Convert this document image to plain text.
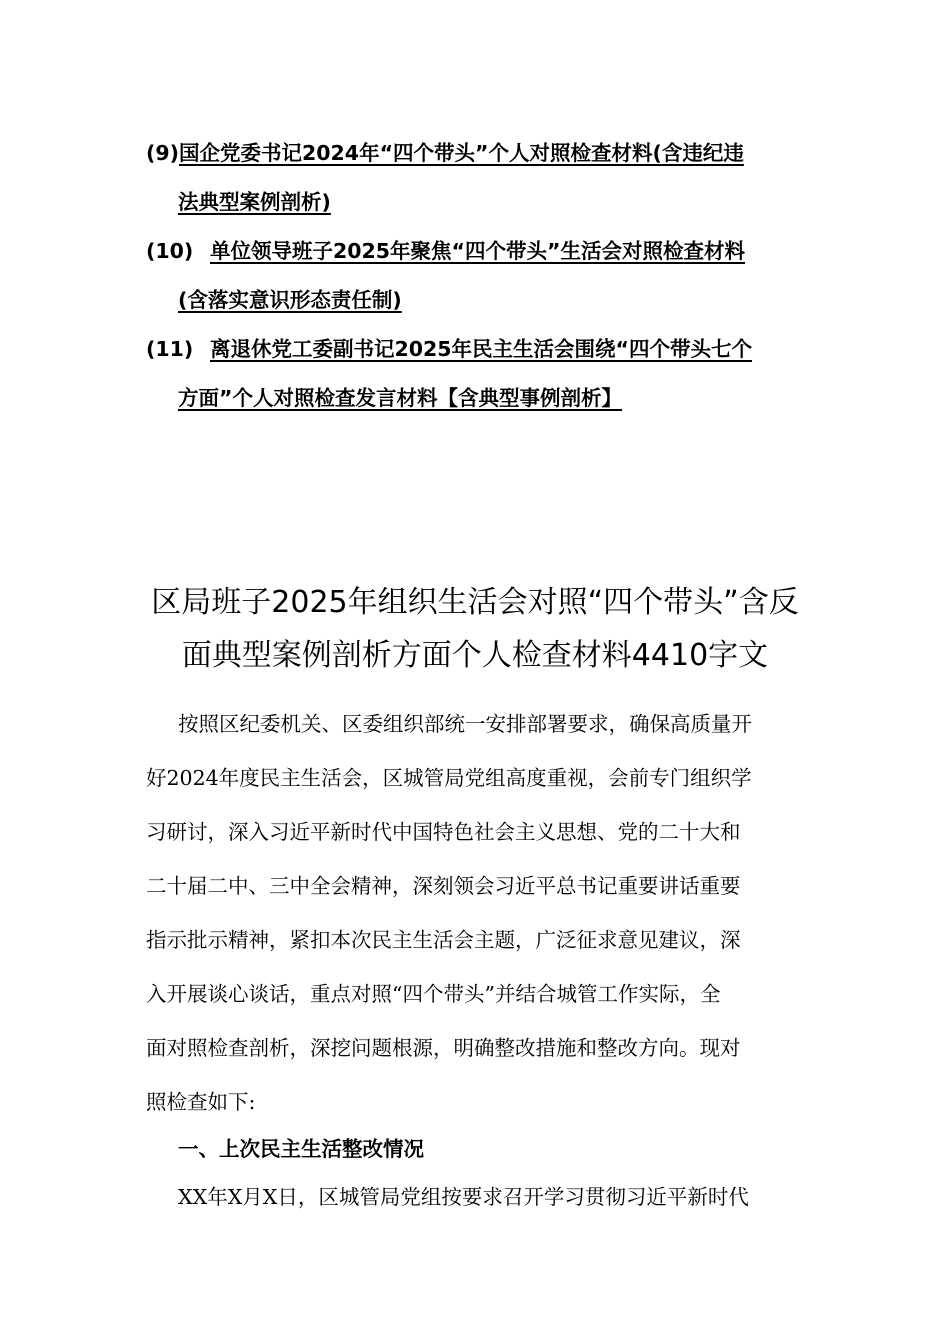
(9)国企党委书记2024年“四个带头”个人对照检查材料(含违纪违
法典型案例剖析)
(10) 单位领导班子2025年聚焦“四个带头”生活会对照检查材料
(含落实意识形态责任制)
(11) 离退休党工委副书记2025年民主生活会围绕“四个带头七个
方面”个人对照检查发言材料【含典型事例剖析】
区局班子2025年组织生活会对照“四个带头”含反
面典型案例剖析方面个人检查材料4410字文
按照区纪委机关、区委组织部统一安排部署要求，确保高质量开
好2024年度民主生活会，区城管局党组高度重视，会前专门组织学
习研讨，深入习近平新时代中国特色社会主义思想、党的二十大和
二十届二中、三中全会精神，深刻领会习近平总书记重要讲话重要
指示批示精神，紧扣本次民主生活会主题，广泛征求意见建议，深
入开展谈心谈话，重点对照“四个带头”并结合城管工作实际，全
面对照检查剖析，深挖问题根源，明确整改措施和整改方向。现对
照检查如下:
一、上次民主生活整改情况
XX年X月X日，区城管局党组按要求召开学习贯彻习近平新时代
